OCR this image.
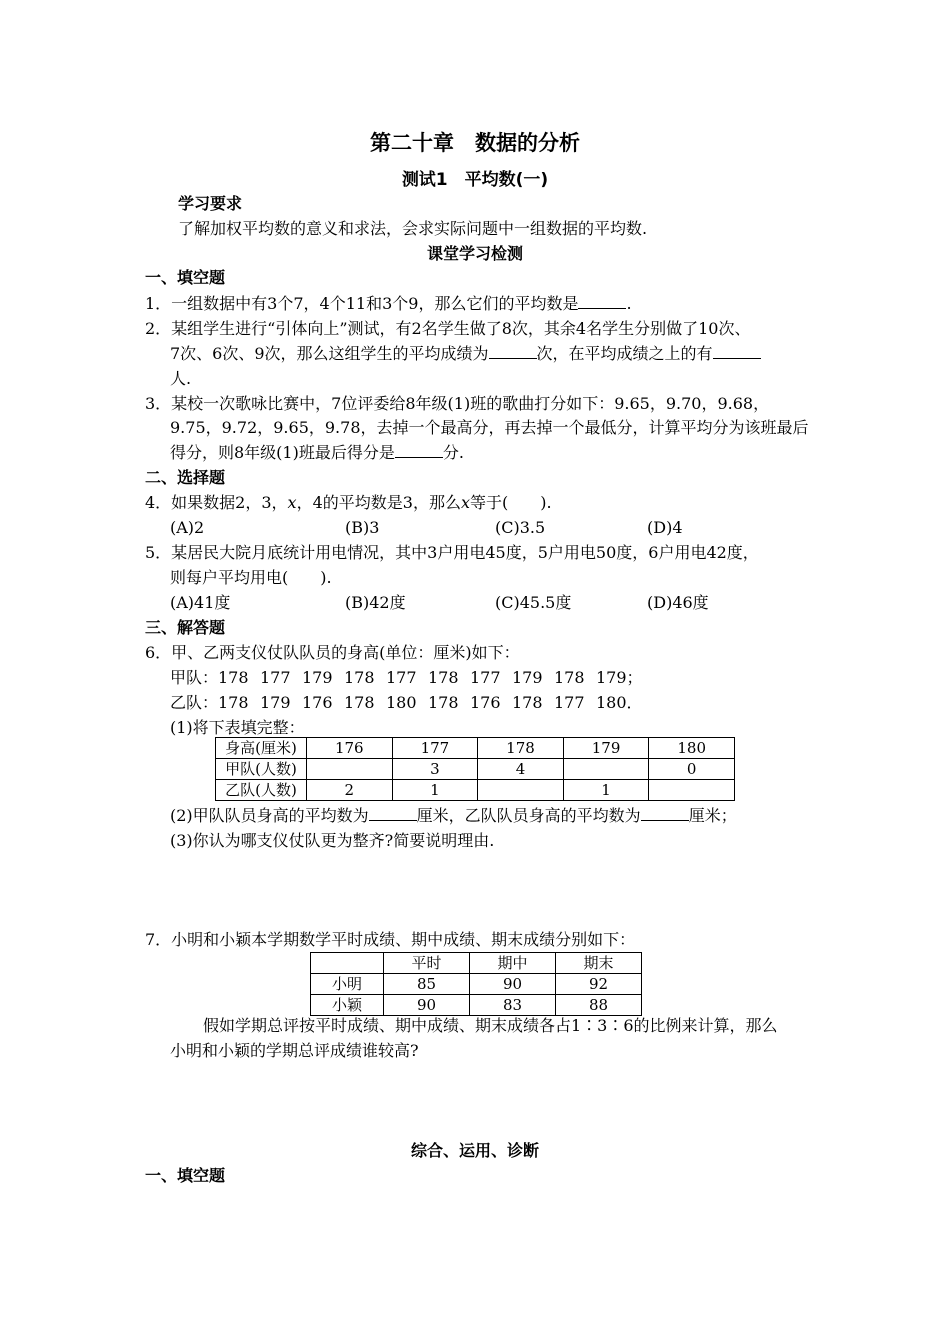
第二十章　数据的分析
测试1　平均数(一)
学习要求
了解加权平均数的意义和求法，会求实际问题中一组数据的平均数.
课堂学习检测
一、填空题
1．一组数据中有3个7，4个11和3个9，那么它们的平均数是	.
2．某组学生进行“引体向上”测试，有2名学生做了8次，其余4名学生分别做了10次、
7次、6次、9次，那么这组学生的平均成绩为	次，在平均成绩之上的有
人.
3．某校一次歌咏比赛中，7位评委给8年级(1)班的歌曲打分如下：9.65，9.70，9.68，
9.75，9.72，9.65，9.78，去掉一个最高分，再去掉一个最低分，计算平均分为该班最后
得分，则8年级(1)班最后得分是	分.
二、选择题
4．如果数据2，3，x，4的平均数是3，那么x等于(　　).
(A)2	(B)3	(C)3.5	(D)4
5．某居民大院月底统计用电情况，其中3户用电45度，5户用电50度，6户用电42度，
则每户平均用电(　　).
(A)41度	(B)42度	(C)45.5度	(D)46度
三、解答题
6．甲、乙两支仪仗队队员的身高(单位：厘米)如下：
甲队：178 177 179 178 177 178 177 179 178 179；
乙队：178 179 176 178 180 178 176 178 177 180．
(1)将下表填完整：
身高(厘米)	176	177	178	179	180
甲队(人数)		3	4		0
乙队(人数)	2	1		1	
(2)甲队队员身高的平均数为	厘米，乙队队员身高的平均数为	厘米；
(3)你认为哪支仪仗队更为整齐?简要说明理由.
7．小明和小颖本学期数学平时成绩、期中成绩、期末成绩分别如下：
	平时	期中	期末
小明	85	90	92
小颖	90	83	88
假如学期总评按平时成绩、期中成绩、期末成绩各占1∶3∶6的比例来计算，那么
小明和小颖的学期总评成绩谁较高?
综合、运用、诊断
一、填空题
